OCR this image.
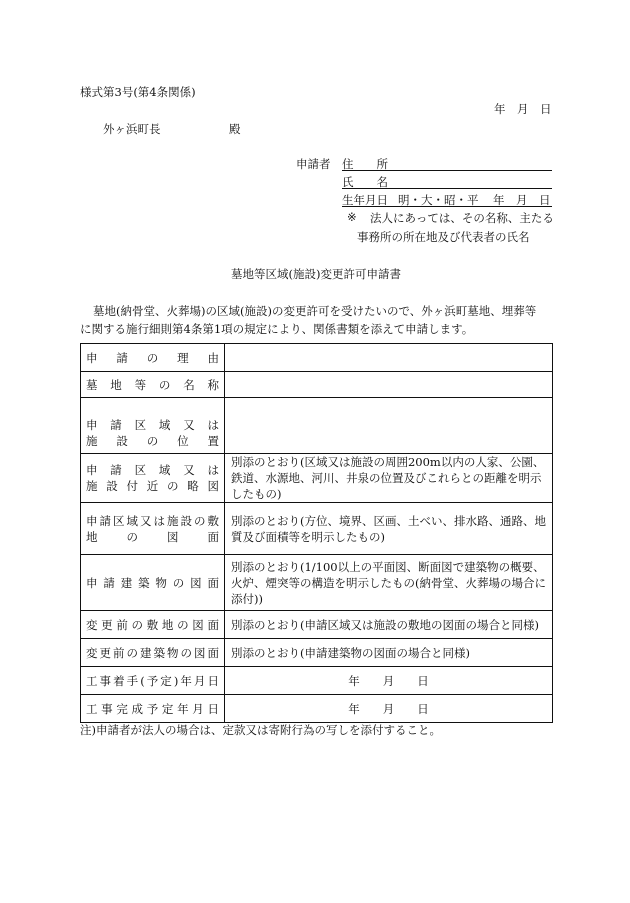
様式第3号(第4条関係)
年　月　日
外ヶ浜町長	殿
申請者 住　　所
氏　　名
生年月日 明・大・昭・平 年　月　日
※ 法人にあっては、その名称、主たる
事務所の所在地及び代表者の氏名
墓地等区域(施設)変更許可申請書
墓地(納骨堂、火葬場)の区域(施設)の変更許可を受けたいので、外ヶ浜町墓地、埋葬等
に関する施行細則第4条第1項の規定により、関係書類を添えて申請します。
申請の理由	

墓地等の名称	

申請区域又は
施設の位置	

申請区域又は
施設付近の略図	別添のとおり(区域又は施設の周囲200m以内の人家、公園、鉄道、水源地、河川、井泉の位置及びこれらとの距離を明示したもの)

申請区域又は施設の敷
地の図面	別添のとおり(方位、境界、区画、土べい、排水路、通路、地質及び面積等を明示したもの)

申請建築物の図面	別添のとおり(1/100以上の平面図、断面図で建築物の概要、火炉、煙突等の構造を明示したもの(納骨堂、火葬場の場合に添付))

変更前の敷地の図面	別添のとおり(申請区域又は施設の敷地の図面の場合と同様)

変更前の建築物の図面	別添のとおり(申請建築物の図面の場合と同様)

工事着手(予定)年月日	年　　月　　日

工事完成予定年月日	年　　月　　日
注)申請者が法人の場合は、定款又は寄附行為の写しを添付すること。
